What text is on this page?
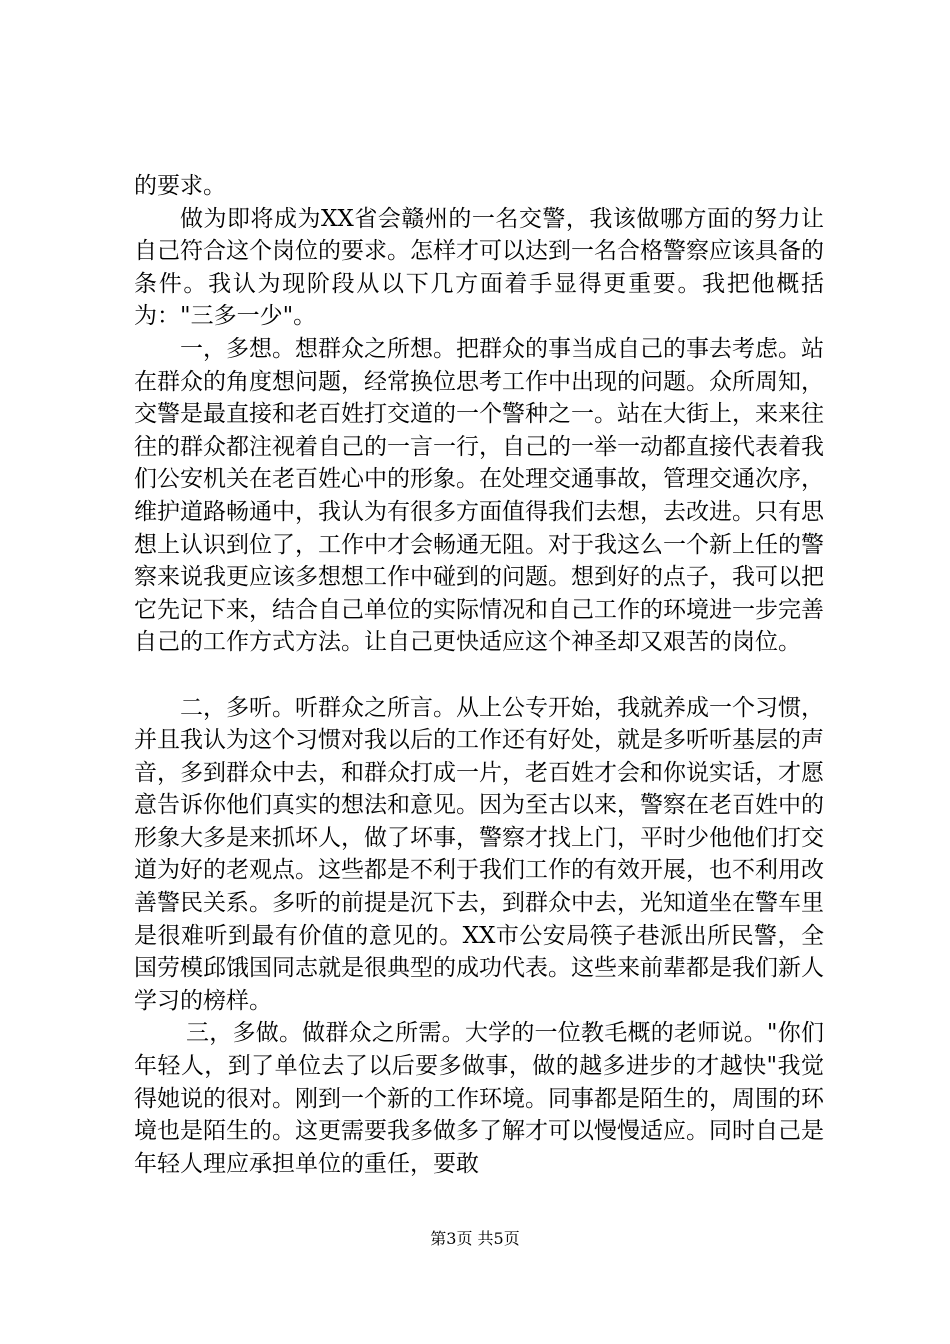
的要求。

做为即将成为XX省会赣州的一名交警，我该做哪方面的努力让自己符合这个岗位的要求。怎样才可以达到一名合格警察应该具备的条件。我认为现阶段从以下几方面着手显得更重要。我把他概括为："三多一少"。

一，多想。想群众之所想。把群众的事当成自己的事去考虑。站在群众的角度想问题，经常换位思考工作中出现的问题。众所周知，交警是最直接和老百姓打交道的一个警种之一。站在大街上，来来往往的群众都注视着自己的一言一行，自己的一举一动都直接代表着我们公安机关在老百姓心中的形象。在处理交通事故，管理交通次序，维护道路畅通中，我认为有很多方面值得我们去想，去改进。只有思想上认识到位了，工作中才会畅通无阻。对于我这么一个新上任的警察来说我更应该多想想工作中碰到的问题。想到好的点子，我可以把它先记下来，结合自己单位的实际情况和自己工作的环境进一步完善自己的工作方式方法。让自己更快适应这个神圣却又艰苦的岗位。

二，多听。听群众之所言。从上公专开始，我就养成一个习惯，并且我认为这个习惯对我以后的工作还有好处，就是多听听基层的声音，多到群众中去，和群众打成一片，老百姓才会和你说实话，才愿意告诉你他们真实的想法和意见。因为至古以来，警察在老百姓中的形象大多是来抓坏人，做了坏事，警察才找上门，平时少他他们打交道为好的老观点。这些都是不利于我们工作的有效开展，也不利用改善警民关系。多听的前提是沉下去，到群众中去，光知道坐在警车里是很难听到最有价值的意见的。XX市公安局筷子巷派出所民警，全国劳模邱饿国同志就是很典型的成功代表。这些来前辈都是我们新人学习的榜样。

三，多做。做群众之所需。大学的一位教毛概的老师说。"你们年轻人，到了单位去了以后要多做事，做的越多进步的才越快"我觉得她说的很对。刚到一个新的工作环境。同事都是陌生的，周围的环境也是陌生的。这更需要我多做多了解才可以慢慢适应。同时自己是年轻人理应承担单位的重任，要敢

第3页 共5页
